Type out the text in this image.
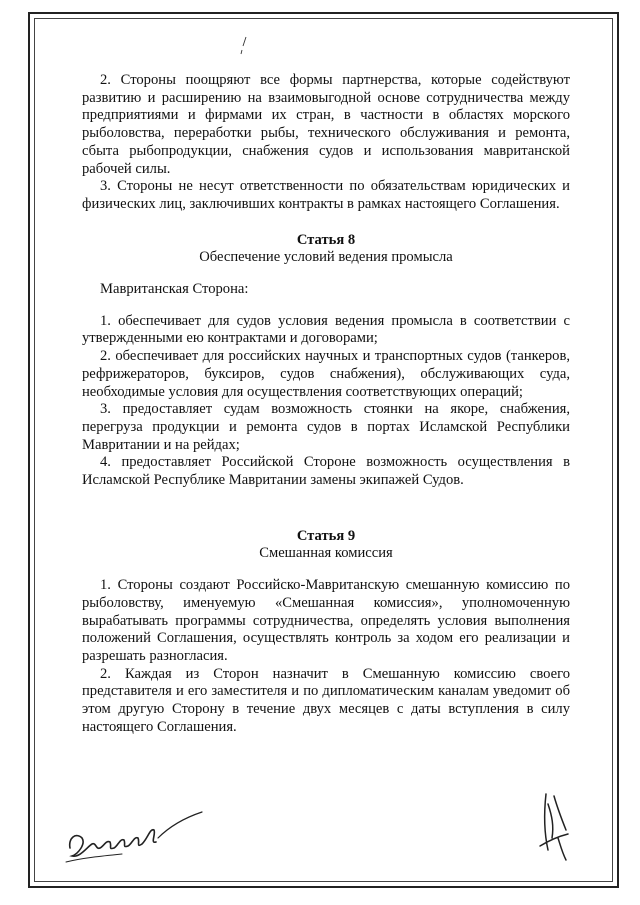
2. Стороны поощряют все формы партнерства, которые содействуют развитию и расширению на взаимовыгодной основе сотрудничества между предприятиями и фирмами их стран, в частности в областях морского рыболовства, переработки рыбы, технического обслуживания и ремонта, сбыта рыбопродукции, снабжения судов и использования мавританской рабочей силы.

3. Стороны не несут ответственности по обязательствам юридических и физических лиц, заключивших контракты в рамках настоящего Соглашения.

Статья 8

Обеспечение условий ведения промысла

Мавританская Сторона:

1. обеспечивает для судов условия ведения промысла в соответствии с утвержденными ею контрактами и договорами;

2. обеспечивает для российских научных и транспортных судов (танкеров, рефрижераторов, буксиров, судов снабжения), обслуживающих суда, необходимые условия для осуществления соответствующих операций;

3. предоставляет судам возможность стоянки на якоре, снабжения, перегруза продукции и ремонта судов в портах Исламской Республики Мавритании и на рейдах;

4. предоставляет Российской Стороне возможность осуществления в Исламской Республике Мавритании замены экипажей Судов.

Статья 9

Смешанная комиссия

1. Стороны создают Российско-Мавританскую смешанную комиссию по рыболовству, именуемую «Смешанная комиссия», уполномоченную вырабатывать программы сотрудничества, определять условия выполнения положений Соглашения, осуществлять контроль за ходом его реализации и разрешать разногласия.

2. Каждая из Сторон назначит в Смешанную комиссию своего представителя и его заместителя и по дипломатическим каналам уведомит об этом другую Сторону в течение двух месяцев с даты вступления в силу настоящего Соглашения.
